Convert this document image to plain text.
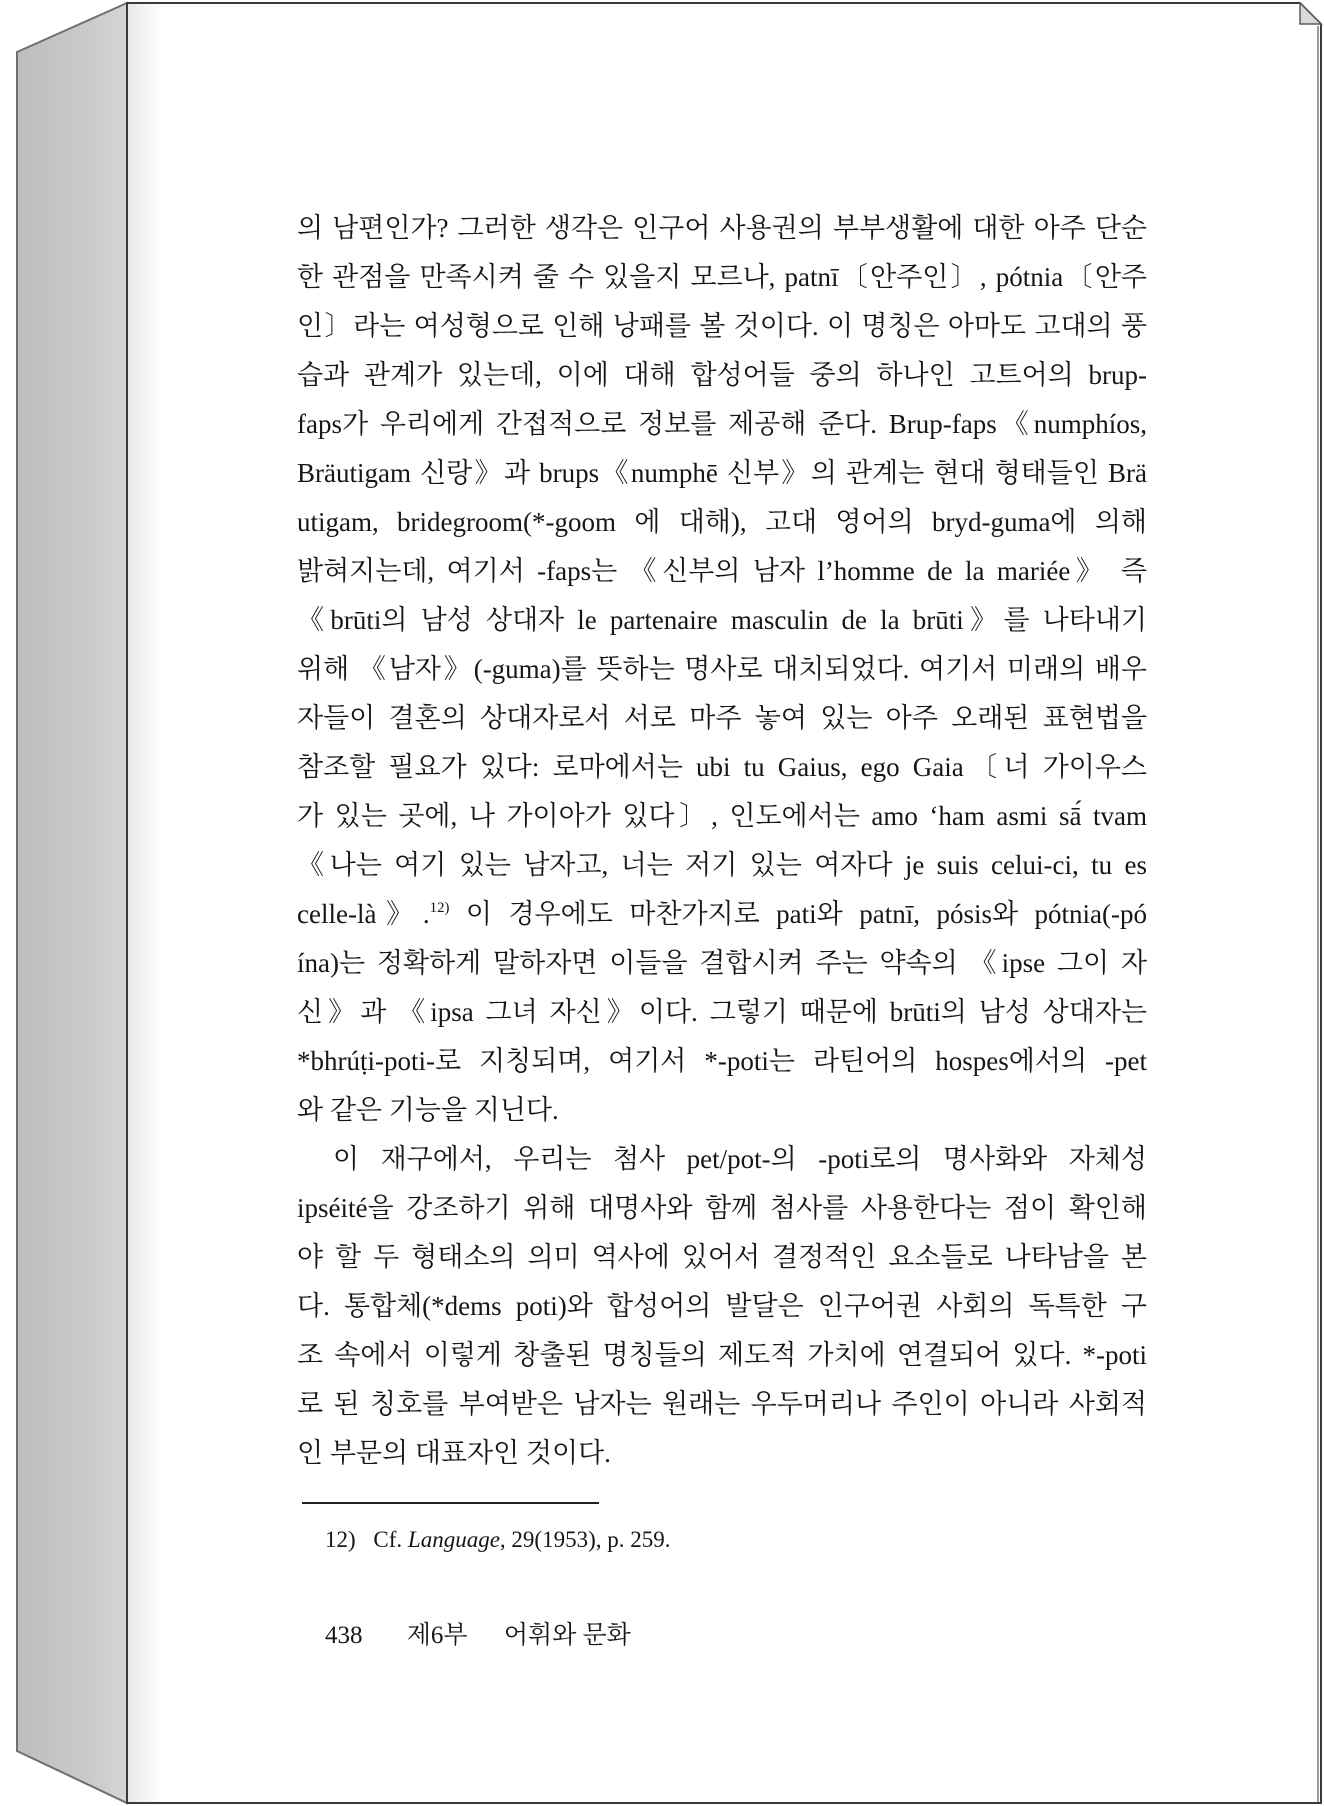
의 남편인가? 그러한 생각은 인구어 사용권의 부부생활에 대한 아주 단순
한 관점을 만족시켜 줄 수 있을지 모르나, patnī〔안주인〕, pótnia〔안주
인〕라는 여성형으로 인해 낭패를 볼 것이다. 이 명칭은 아마도 고대의 풍
습과 관계가 있는데, 이에 대해 합성어들 중의 하나인 고트어의 brup-
faps가 우리에게 간접적으로 정보를 제공해 준다. Brup-faps《numphíos,
Bräutigam 신랑》과 brups《numphē 신부》의 관계는 현대 형태들인 Brä
utigam, bridegroom(*-goom 에 대해), 고대 영어의 bryd-guma에 의해
밝혀지는데, 여기서 -faps는 《신부의 남자 l’homme de la mariée》 즉
《brūti의 남성 상대자 le partenaire masculin de la brūti》를 나타내기
위해 《남자》(-guma)를 뜻하는 명사로 대치되었다. 여기서 미래의 배우
자들이 결혼의 상대자로서 서로 마주 놓여 있는 아주 오래된 표현법을
참조할 필요가 있다: 로마에서는 ubi tu Gaius, ego Gaia〔너 가이우스
가 있는 곳에, 나 가이아가 있다〕, 인도에서는 amo ‘ham asmi sā́ tvam
《나는 여기 있는 남자고, 너는 저기 있는 여자다 je suis celui-ci, tu es
celle-là》.$^{12)}$ 이 경우에도 마찬가지로 pati와 patnī, pósis와 pótnia(-pó
ína)는 정확하게 말하자면 이들을 결합시켜 주는 약속의 《ipse 그이 자
신》과 《ipsa 그녀 자신》이다. 그렇기 때문에 brūti의 남성 상대자는
*bhrúṭi-poti-로 지칭되며, 여기서 *-poti는 라틴어의 hospes에서의 -pet
와 같은 기능을 지닌다.
이 재구에서, 우리는 첨사 pet/pot-의 -poti로의 명사화와 자체성
ipséité을 강조하기 위해 대명사와 함께 첨사를 사용한다는 점이 확인해
야 할 두 형태소의 의미 역사에 있어서 결정적인 요소들로 나타남을 본
다. 통합체(*dems poti)와 합성어의 발달은 인구어권 사회의 독특한 구
조 속에서 이렇게 창출된 명칭들의 제도적 가치에 연결되어 있다. *-poti
로 된 칭호를 부여받은 남자는 원래는 우두머리나 주인이 아니라 사회적
인 부문의 대표자인 것이다.
12) Cf. Language, 29(1953), p. 259.
438 제6부 어휘와 문화
